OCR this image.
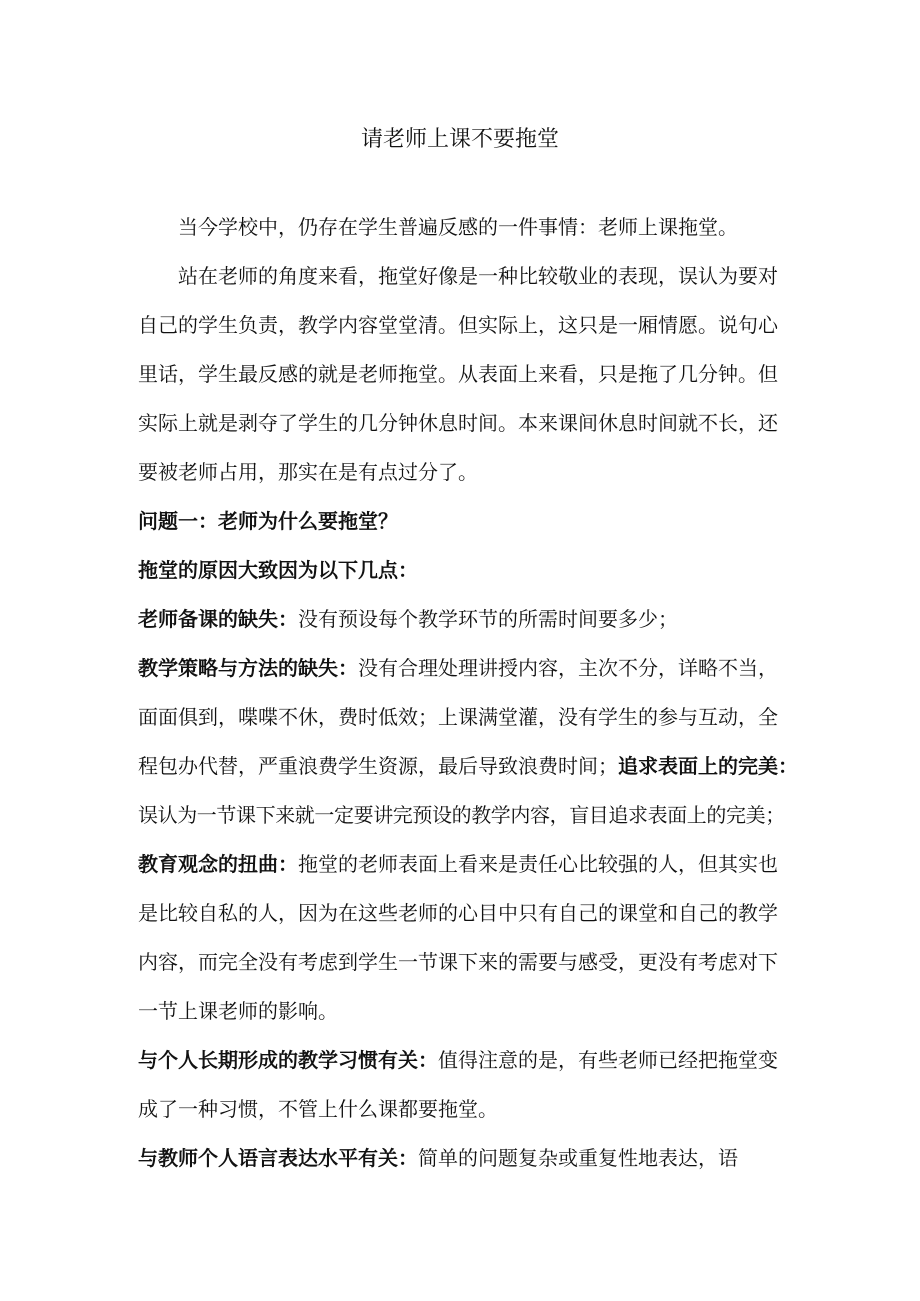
请老师上课不要拖堂

当今学校中，仍存在学生普遍反感的一件事情：老师上课拖堂。

站在老师的角度来看，拖堂好像是一种比较敬业的表现，误认为要对
自己的学生负责，教学内容堂堂清。但实际上，这只是一厢情愿。说句心
里话，学生最反感的就是老师拖堂。从表面上来看，只是拖了几分钟。但
实际上就是剥夺了学生的几分钟休息时间。本来课间休息时间就不长，还
要被老师占用，那实在是有点过分了。

问题一：老师为什么要拖堂？

拖堂的原因大致因为以下几点：

老师备课的缺失：没有预设每个教学环节的所需时间要多少；

教学策略与方法的缺失：没有合理处理讲授内容，主次不分，详略不当，
面面俱到，喋喋不休，费时低效；上课满堂灌，没有学生的参与互动，全
程包办代替，严重浪费学生资源，最后导致浪费时间；追求表面上的完美：
误认为一节课下来就一定要讲完预设的教学内容，盲目追求表面上的完美；

教育观念的扭曲：拖堂的老师表面上看来是责任心比较强的人，但其实也
是比较自私的人，因为在这些老师的心目中只有自己的课堂和自己的教学
内容，而完全没有考虑到学生一节课下来的需要与感受，更没有考虑对下
一节上课老师的影响。

与个人长期形成的教学习惯有关：值得注意的是，有些老师已经把拖堂变
成了一种习惯，不管上什么课都要拖堂。

与教师个人语言表达水平有关：简单的问题复杂或重复性地表达，语
